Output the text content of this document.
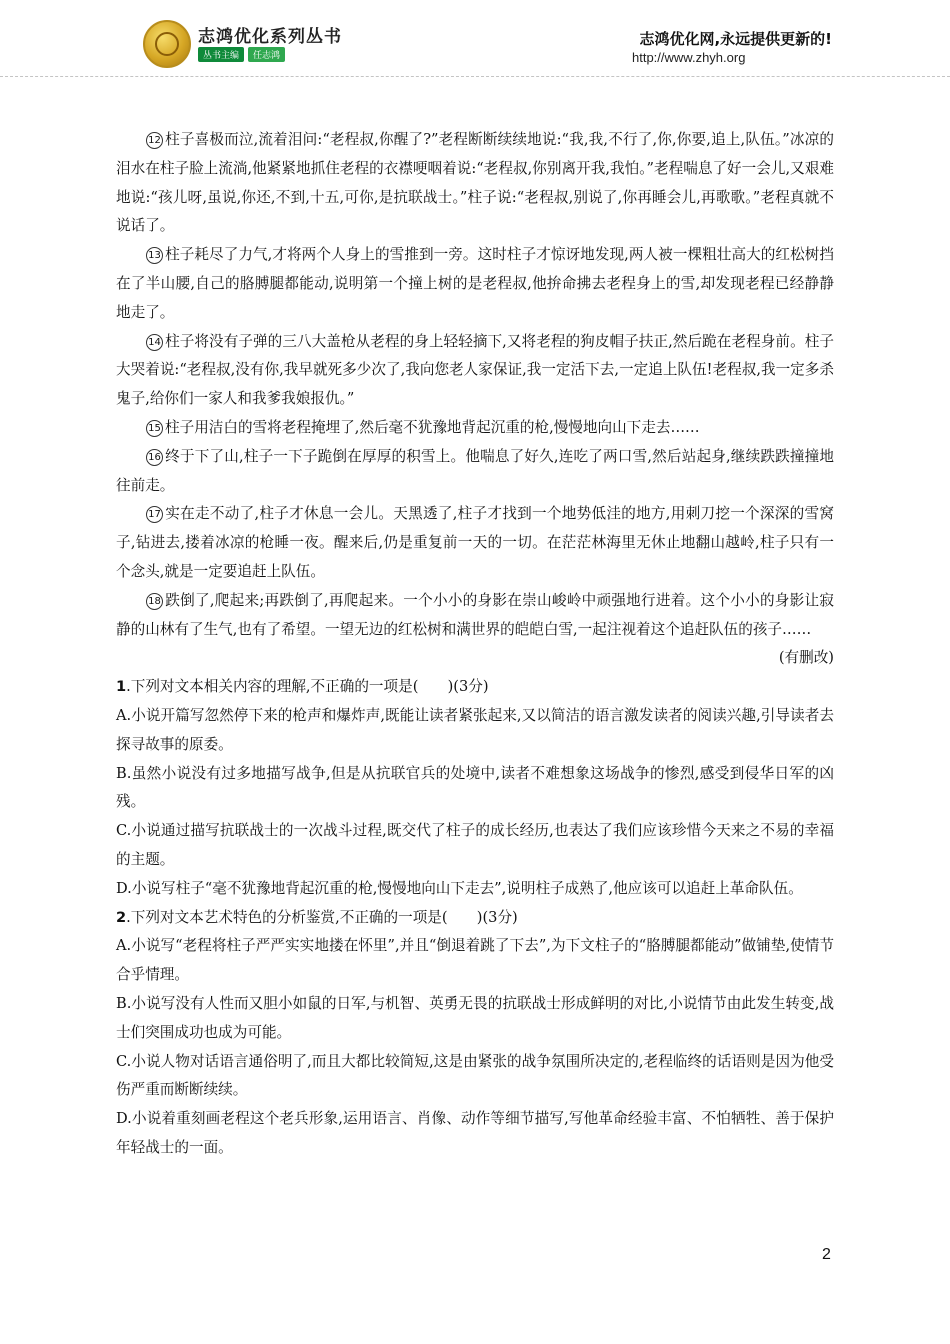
志鸿优化系列丛书
丛书主编	任志鸿
志鸿优化网,永远提供更新的!
http://www.zhyh.org

12 柱子喜极而泣,流着泪问:“老程叔,你醒了?”老程断断续续地说:“我,我,不行了,你,你要,追上,队伍。”冰凉的泪水在柱子脸上流淌,他紧紧地抓住老程的衣襟哽咽着说:“老程叔,你别离开我,我怕。”老程喘息了好一会儿,又艰难地说:“孩儿呀,虽说,你还,不到,十五,可你,是抗联战士。”柱子说:“老程叔,别说了,你再睡会儿,再歌歌。”老程真就不说话了。

13 柱子耗尽了力气,才将两个人身上的雪推到一旁。这时柱子才惊讶地发现,两人被一棵粗壮高大的红松树挡在了半山腰,自己的胳膊腿都能动,说明第一个撞上树的是老程叔,他拚命拂去老程身上的雪,却发现老程已经静静地走了。

14 柱子将没有子弹的三八大盖枪从老程的身上轻轻摘下,又将老程的狗皮帽子扶正,然后跪在老程身前。柱子大哭着说:“老程叔,没有你,我早就死多少次了,我向您老人家保证,我一定活下去,一定追上队伍!老程叔,我一定多杀鬼子,给你们一家人和我爹我娘报仇。”

15 柱子用洁白的雪将老程掩埋了,然后毫不犹豫地背起沉重的枪,慢慢地向山下走去……

16 终于下了山,柱子一下子跪倒在厚厚的积雪上。他喘息了好久,连吃了两口雪,然后站起身,继续跌跌撞撞地往前走。

17 实在走不动了,柱子才休息一会儿。天黑透了,柱子才找到一个地势低洼的地方,用刺刀挖一个深深的雪窝子,钻进去,搂着冰凉的枪睡一夜。醒来后,仍是重复前一天的一切。在茫茫林海里无休止地翻山越岭,柱子只有一个念头,就是一定要追赶上队伍。

18 跌倒了,爬起来;再跌倒了,再爬起来。一个小小的身影在崇山峻岭中顽强地行进着。这个小小的身影让寂静的山林有了生气,也有了希望。一望无边的红松树和满世界的皑皑白雪,一起注视着这个追赶队伍的孩子……

(有删改)

1.下列对文本相关内容的理解,不正确的一项是(　　)(3分)

A.小说开篇写忽然停下来的枪声和爆炸声,既能让读者紧张起来,又以简洁的语言激发读者的阅读兴趣,引导读者去探寻故事的原委。

B.虽然小说没有过多地描写战争,但是从抗联官兵的处境中,读者不难想象这场战争的惨烈,感受到侵华日军的凶残。

C.小说通过描写抗联战士的一次战斗过程,既交代了柱子的成长经历,也表达了我们应该珍惜今天来之不易的幸福的主题。

D.小说写柱子“毫不犹豫地背起沉重的枪,慢慢地向山下走去”,说明柱子成熟了,他应该可以追赶上革命队伍。

2.下列对文本艺术特色的分析鉴赏,不正确的一项是(　　)(3分)

A.小说写“老程将柱子严严实实地搂在怀里”,并且“倒退着跳了下去”,为下文柱子的“胳膊腿都能动”做铺垫,使情节合乎情理。

B.小说写没有人性而又胆小如鼠的日军,与机智、英勇无畏的抗联战士形成鲜明的对比,小说情节由此发生转变,战士们突围成功也成为可能。

C.小说人物对话语言通俗明了,而且大都比较简短,这是由紧张的战争氛围所决定的,老程临终的话语则是因为他受伤严重而断断续续。

D.小说着重刻画老程这个老兵形象,运用语言、肖像、动作等细节描写,写他革命经验丰富、不怕牺牲、善于保护年轻战士的一面。

2
